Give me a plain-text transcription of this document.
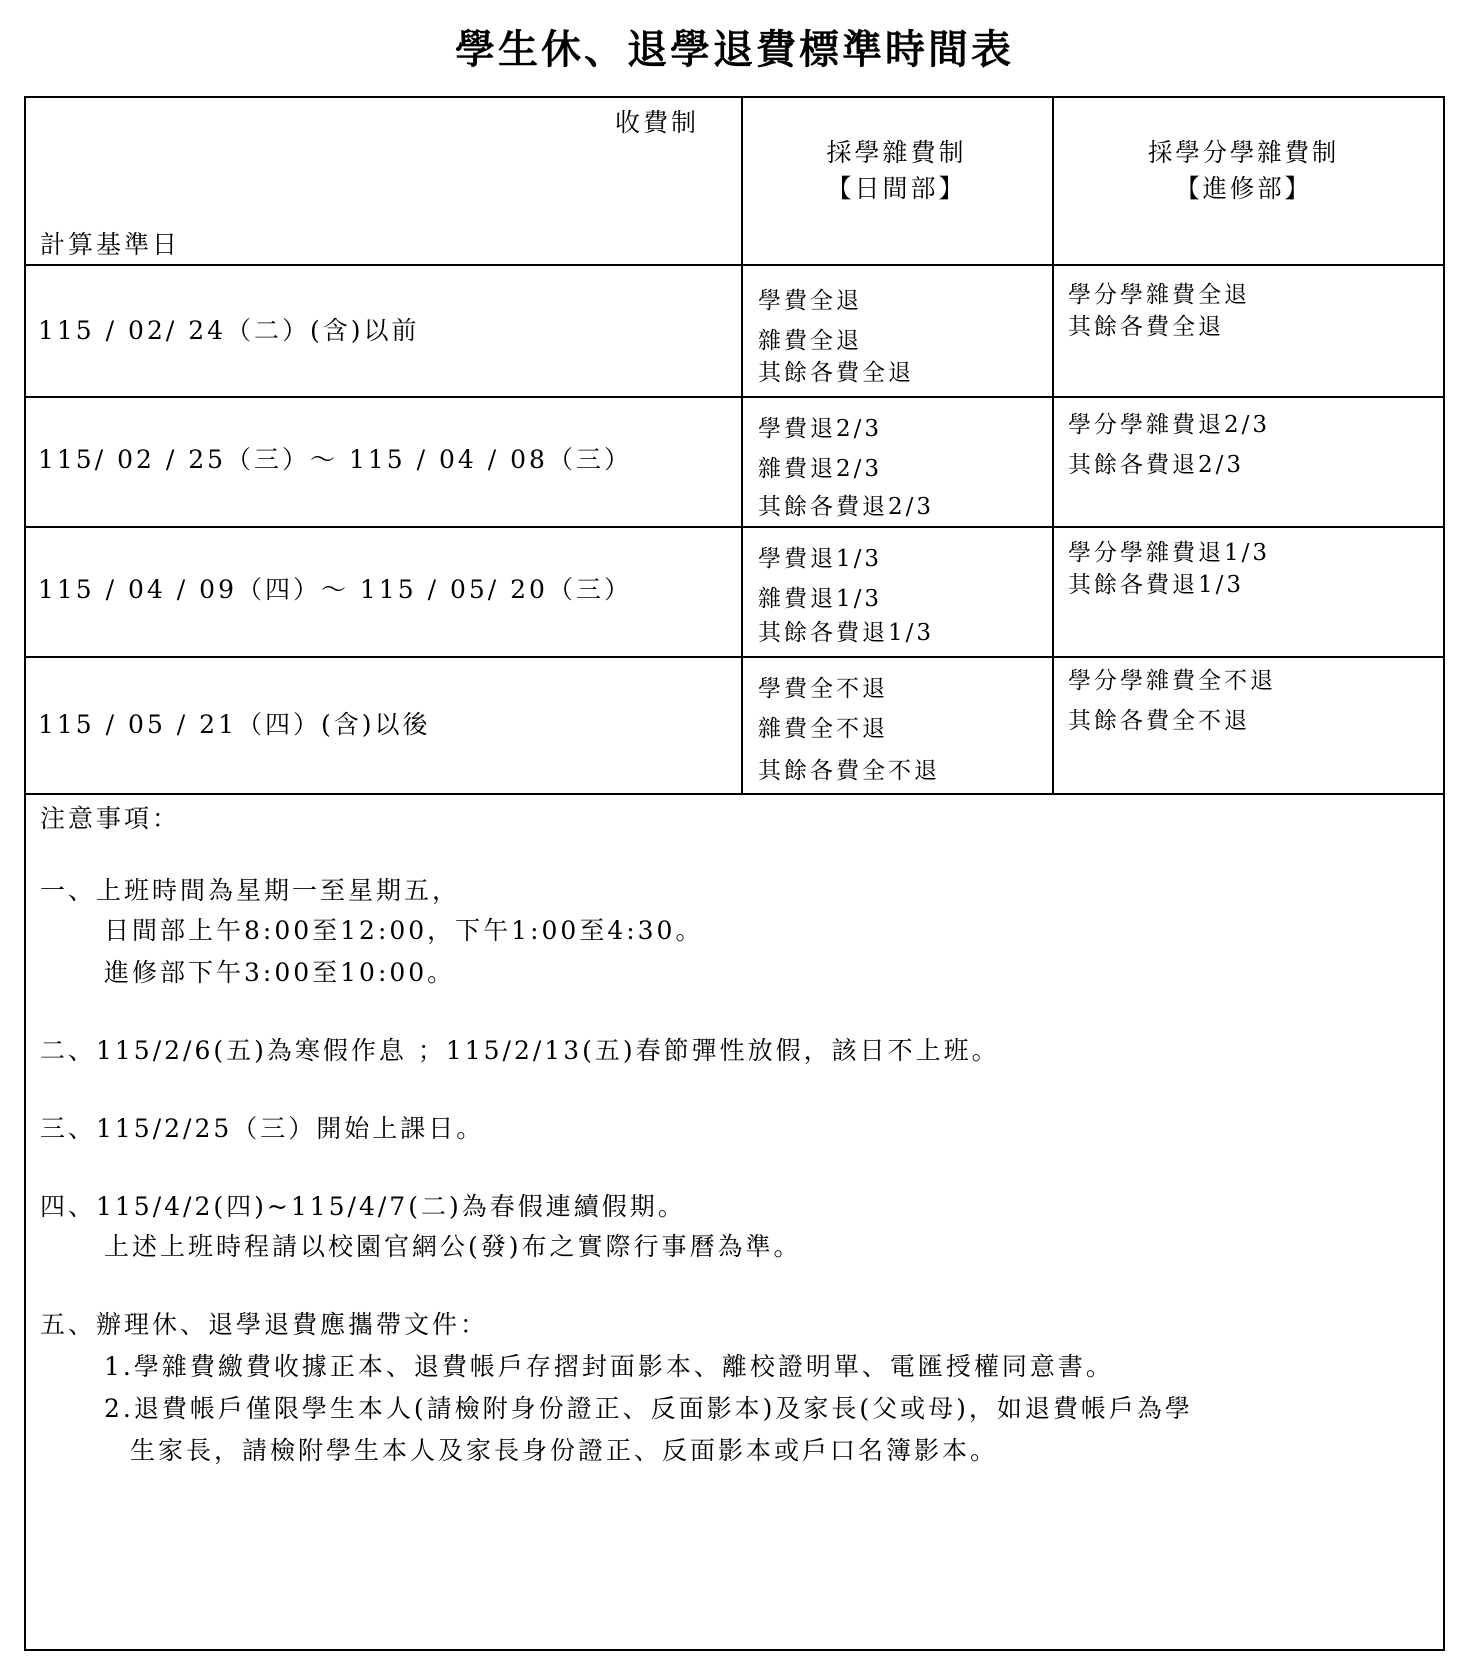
學生休、退學退費標準時間表
收費制
計算基準日
採學雜費制
【日間部】
採學分學雜費制
【進修部】
115 / 02/ 24（二）(含)以前
學費全退
雜費全退
其餘各費全退
學分學雜費全退
其餘各費全退
115/ 02 / 25（三）～ 115 / 04 / 08（三）
學費退2/3
雜費退2/3
其餘各費退2/3
學分學雜費退2/3
其餘各費退2/3
115 / 04 / 09（四）～ 115 / 05/ 20（三）
學費退1/3
雜費退1/3
其餘各費退1/3
學分學雜費退1/3
其餘各費退1/3
115 / 05 / 21（四）(含)以後
學費全不退
雜費全不退
其餘各費全不退
學分學雜費全不退
其餘各費全不退
注意事項：
一、上班時間為星期一至星期五，
日間部上午8:00至12:00，下午1:00至4:30。
進修部下午3:00至10:00。
二、115/2/6(五)為寒假作息 ；115/2/13(五)春節彈性放假，該日不上班。
三、115/2/25（三）開始上課日。
四、115/4/2(四)~115/4/7(二)為春假連續假期。
上述上班時程請以校園官網公(發)布之實際行事曆為準。
五、辦理休、退學退費應攜帶文件：
1.學雜費繳費收據正本、退費帳戶存摺封面影本、離校證明單、電匯授權同意書。
2.退費帳戶僅限學生本人(請檢附身份證正、反面影本)及家長(父或母)，如退費帳戶為學
生家長，請檢附學生本人及家長身份證正、反面影本或戶口名簿影本。
